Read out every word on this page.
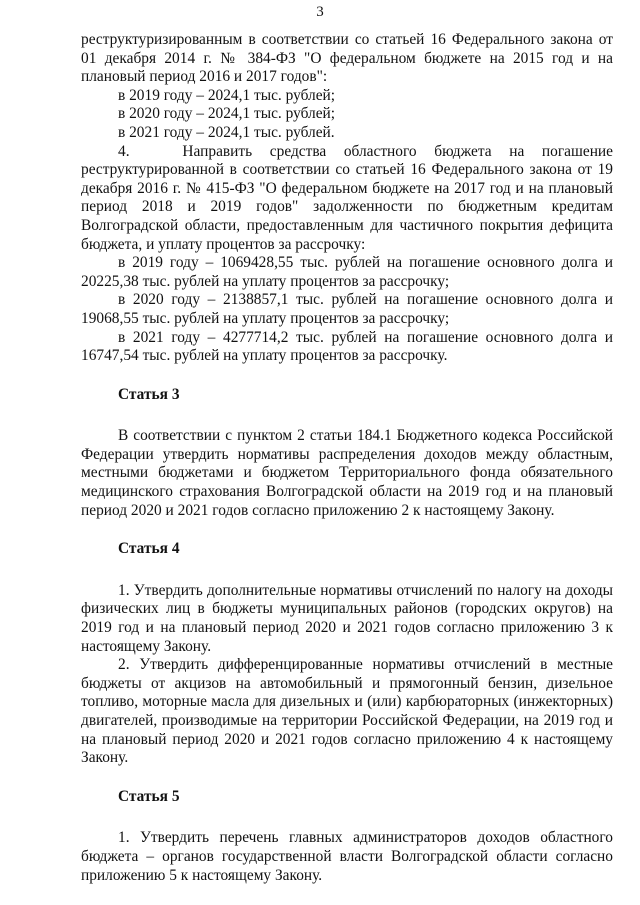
3

реструктуризированным в соответствии со статьей 16 Федерального закона от 01 декабря 2014 г. № 384-ФЗ "О федеральном бюджете на 2015 год и на плановый период 2016 и 2017 годов":

в 2019 году – 2024,1 тыс. рублей;

в 2020 году – 2024,1 тыс. рублей;

в 2021 году – 2024,1 тыс. рублей.

4.   Направить средства областного бюджета на погашение реструктурированной в соответствии со статьей 16 Федерального закона от 19 декабря 2016 г. № 415-ФЗ "О федеральном бюджете на 2017 год и на плановый период 2018 и 2019 годов" задолженности по бюджетным кредитам Волгоградской области, предоставленным для частичного покрытия дефицита бюджета, и уплату процентов за рассрочку:

в 2019 году – 1069428,55 тыс. рублей на погашение основного долга и 20225,38 тыс. рублей на уплату процентов за рассрочку;

в 2020 году – 2138857,1 тыс. рублей на погашение основного долга и 19068,55 тыс. рублей на уплату процентов за рассрочку;

в 2021 году – 4277714,2 тыс. рублей на погашение основного долга и 16747,54 тыс. рублей на уплату процентов за рассрочку.

Статья 3

В соответствии с пунктом 2 статьи 184.1 Бюджетного кодекса Российской Федерации утвердить нормативы распределения доходов между областным, местными бюджетами и бюджетом Территориального фонда обязательного медицинского страхования Волгоградской области на 2019 год и на плановый период 2020 и 2021 годов согласно приложению 2 к настоящему Закону.

Статья 4

1. Утвердить дополнительные нормативы отчислений по налогу на доходы физических лиц в бюджеты муниципальных районов (городских округов) на 2019 год и на плановый период 2020 и 2021 годов согласно приложению 3 к настоящему Закону.

2. Утвердить дифференцированные нормативы отчислений в местные бюджеты от акцизов на автомобильный и прямогонный бензин, дизельное топливо, моторные масла для дизельных и (или) карбюраторных (инжекторных) двигателей, производимые на территории Российской Федерации, на 2019 год и на плановый период 2020 и 2021 годов согласно приложению 4 к настоящему Закону.

Статья 5

1. Утвердить перечень главных администраторов доходов областного бюджета – органов государственной власти Волгоградской области согласно приложению 5 к настоящему Закону.
